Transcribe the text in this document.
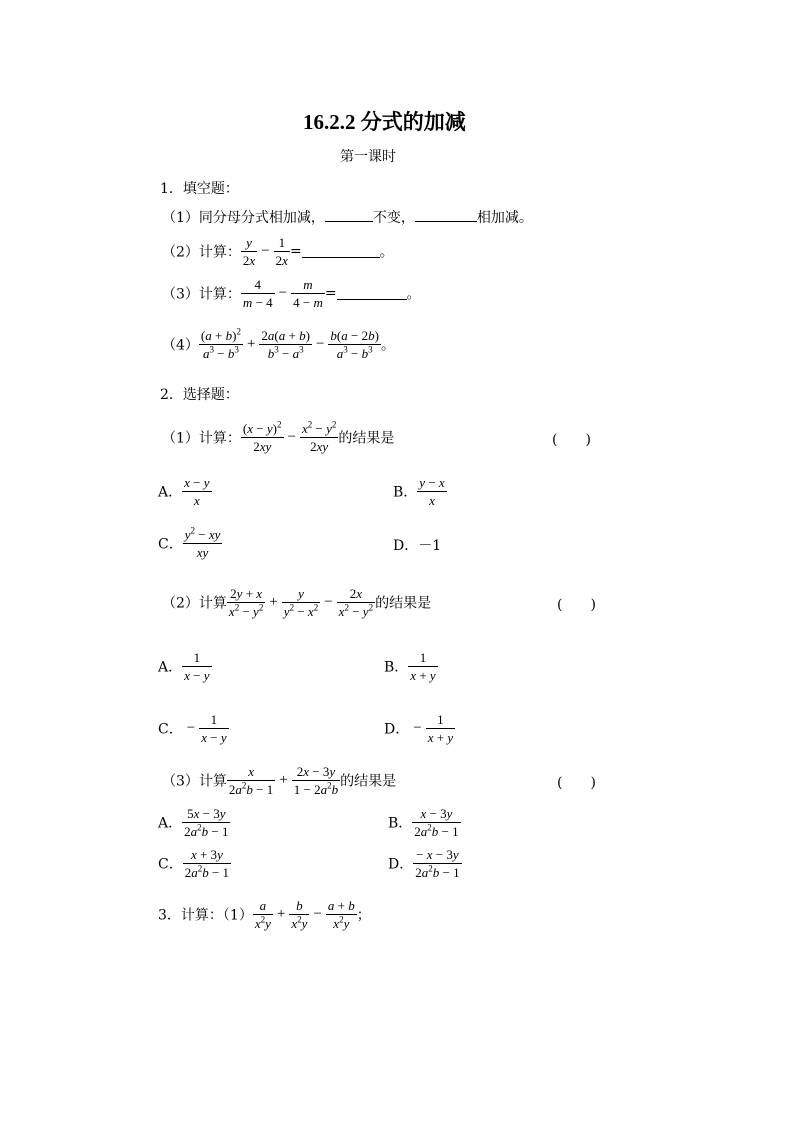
16.2.2 分式的加减
第一课时
1．填空题：
（1）同分母分式相加减，	不变，	相加减。
（2）计算： $\frac{y}{2x} - \frac{1}{2x}$ =	。
（3）计算： $\frac{4}{m - 4} - \frac{m}{4 - m}$ =	。
$(4) \frac{(a + b)^2}{a^3 - b^3} + \frac{2a(a + b)}{b^3 - a^3} - \frac{b(a - 2b)}{a^3 - b^3}$ 。
2．选择题：
（1）计算： $\frac{(x - y)^2}{2xy} - \frac{x^2 - y^2}{2xy}$ 的结果是	(　　)
A． $\frac{x - y}{x}$	B． $\frac{y - x}{x}$
C． $\frac{y^2 - xy}{xy}$	D．－1
（2）计算 $\frac{2y + x}{x^2 - y^2} + \frac{y}{y^2 - x^2} - \frac{2x}{x^2 - y^2}$ 的结果是	(　　)
A． $\frac{1}{x - y}$	B． $\frac{1}{x + y}$
C． − $\frac{1}{x - y}$	D． − $\frac{1}{x + y}$
（3）计算 $\frac{x}{2a^2b - 1} + \frac{2x - 3y}{1 - 2a^2b}$ 的结果是	(　　)
A． $\frac{5x - 3y}{2a^2b - 1}$	B． $\frac{x - 3y}{2a^2b - 1}$
C． $\frac{x + 3y}{2a^2b - 1}$	D． $\frac{- x - 3y}{2a^2b - 1}$
3．计算：$(1) \frac{a}{x^2y} + \frac{b}{x^2y} - \frac{a + b}{x^2y}$ ；
